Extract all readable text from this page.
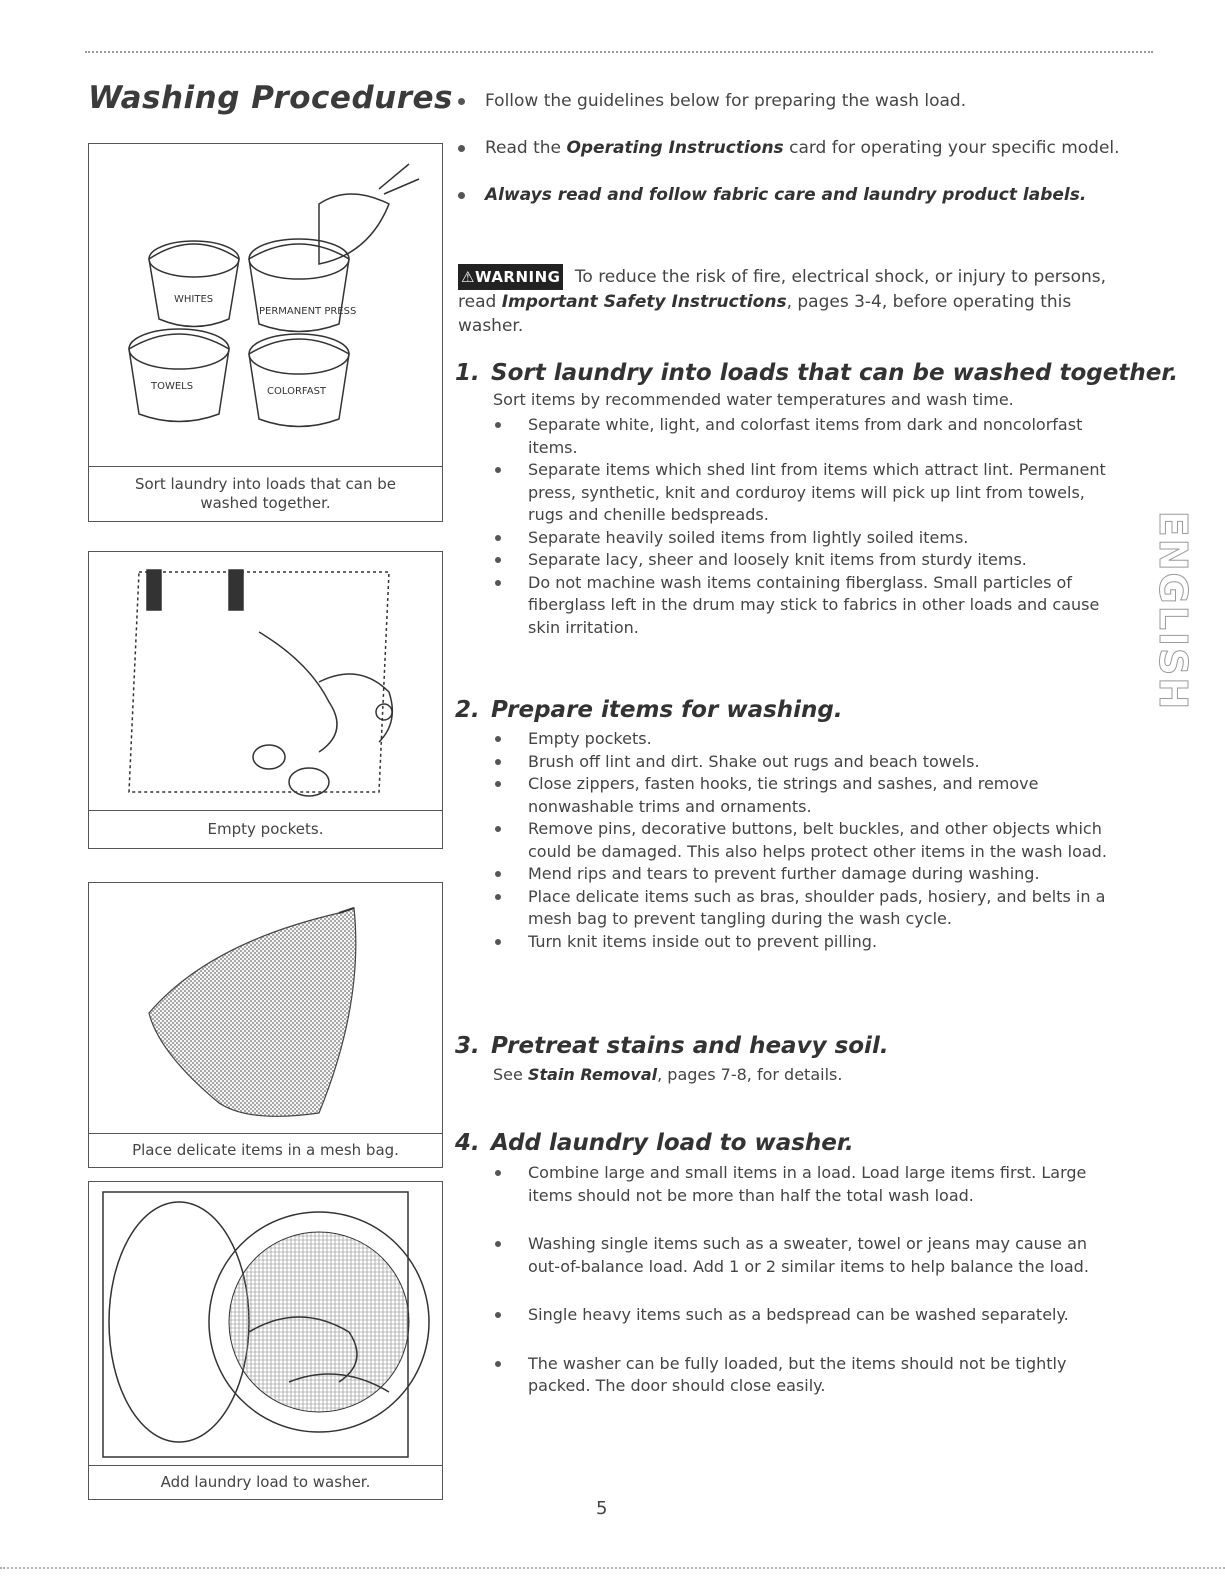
Washing Procedures
WHITES
PERMANENT PRESS
TOWELS	COLORFAST
Sort laundry into loads that can be washed together.
Empty pockets.
Place delicate items in a mesh bag.
Add laundry load to washer.
Follow the guidelines below for preparing the wash load.
Read the Operating Instructions card for operating your specific model.
Always read and follow fabric care and laundry product labels.
⚠WARNING To reduce the risk of fire, electrical shock, or injury to persons, read Important Safety Instructions, pages 3-4, before operating this washer.
1. Sort laundry into loads that can be washed together.
Sort items by recommended water temperatures and wash time.
Separate white, light, and colorfast items from dark and noncolorfast items.
Separate items which shed lint from items which attract lint. Permanent press, synthetic, knit and corduroy items will pick up lint from towels, rugs and chenille bedspreads.
Separate heavily soiled items from lightly soiled items.
Separate lacy, sheer and loosely knit items from sturdy items.
Do not machine wash items containing fiberglass. Small particles of fiberglass left in the drum may stick to fabrics in other loads and cause skin irritation.
2. Prepare items for washing.
Empty pockets.
Brush off lint and dirt. Shake out rugs and beach towels.
Close zippers, fasten hooks, tie strings and sashes, and remove nonwashable trims and ornaments.
Remove pins, decorative buttons, belt buckles, and other objects which could be damaged. This also helps protect other items in the wash load.
Mend rips and tears to prevent further damage during washing.
Place delicate items such as bras, shoulder pads, hosiery, and belts in a mesh bag to prevent tangling during the wash cycle.
Turn knit items inside out to prevent pilling.
3. Pretreat stains and heavy soil.
See Stain Removal, pages 7-8, for details.
4. Add laundry load to washer.
Combine large and small items in a load. Load large items first. Large items should not be more than half the total wash load.
Washing single items such as a sweater, towel or jeans may cause an out-of-balance load. Add 1 or 2 similar items to help balance the load.
Single heavy items such as a bedspread can be washed separately.
The washer can be fully loaded, but the items should not be tightly packed. The door should close easily.
ENGLISH
5
